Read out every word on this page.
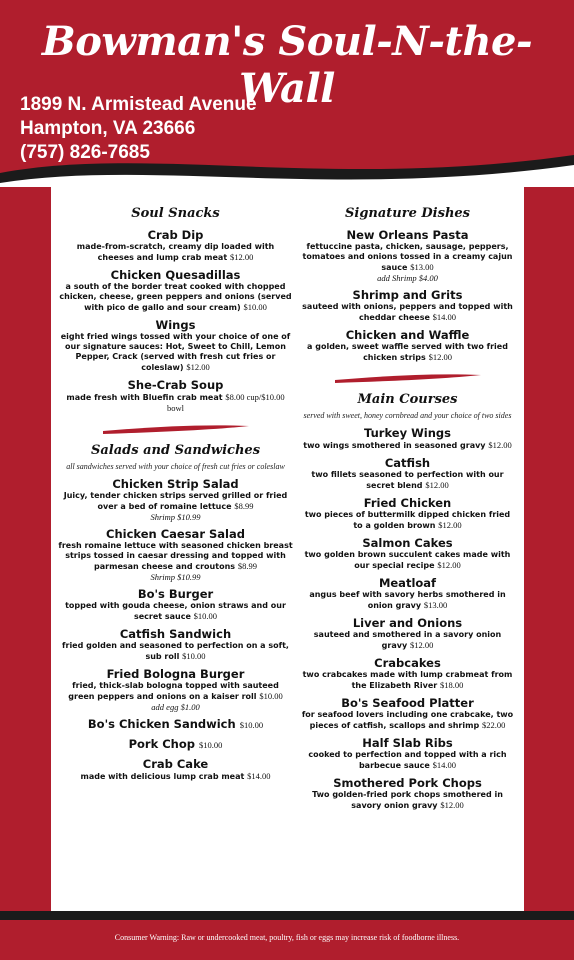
Bowman's Soul-N-the-Wall
1899 N. Armistead Avenue
Hampton, VA 23666
(757) 826-7685
Soul Snacks
Crab Dip
made-from-scratch, creamy dip loaded with cheeses and lump crab meat $12.00
Chicken Quesadillas
a south of the border treat cooked with chopped chicken, cheese, green peppers and onions (served with pico de gallo and sour cream) $10.00
Wings
eight fried wings tossed with your choice of one of our signature sauces: Hot, Sweet to Chill, Lemon Pepper, Crack (served with fresh cut fries or coleslaw) $12.00
She-Crab Soup
made fresh with Bluefin crab meat $8.00 cup/$10.00 bowl
Salads and Sandwiches
all sandwiches served with your choice of fresh cut fries or coleslaw
Chicken Strip Salad
Juicy, tender chicken strips served grilled or fried over a bed of romaine lettuce $8.99
Shrimp $10.99
Chicken Caesar Salad
fresh romaine lettuce with seasoned chicken breast strips tossed in caesar dressing and topped with parmesan cheese and croutons $8.99
Shrimp $10.99
Bo's Burger
topped with gouda cheese, onion straws and our secret sauce $10.00
Catfish Sandwich
fried golden and seasoned to perfection on a soft, sub roll $10.00
Fried Bologna Burger
fried, thick-slab bologna topped with sauteed green peppers and onions on a kaiser roll $10.00
add egg $1.00
Bo's Chicken Sandwich $10.00
Pork Chop $10.00
Crab Cake
made with delicious lump crab meat $14.00
Signature Dishes
New Orleans Pasta
fettuccine pasta, chicken, sausage, peppers, tomatoes and onions tossed in a creamy cajun sauce $13.00
add Shrimp $4.00
Shrimp and Grits
sauteed with onions, peppers and topped with cheddar cheese $14.00
Chicken and Waffle
a golden, sweet waffle served with two fried chicken strips $12.00
Main Courses
served with sweet, honey cornbread and your choice of two sides
Turkey Wings
two wings smothered in seasoned gravy $12.00
Catfish
two fillets seasoned to perfection with our secret blend $12.00
Fried Chicken
two pieces of buttermilk dipped chicken fried to a golden brown $12.00
Salmon Cakes
two golden brown succulent cakes made with our special recipe $12.00
Meatloaf
angus beef with savory herbs smothered in onion gravy $13.00
Liver and Onions
sauteed and smothered in a savory onion gravy $12.00
Crabcakes
two crabcakes made with lump crabmeat from the Elizabeth River $18.00
Bo's Seafood Platter
for seafood lovers including one crabcake, two pieces of catfish, scallops and shrimp $22.00
Half Slab Ribs
cooked to perfection and topped with a rich barbecue sauce $14.00
Smothered Pork Chops
Two golden-fried pork chops smothered in savory onion gravy $12.00
Consumer Warning: Raw or undercooked meat, poultry, fish or eggs may increase risk of foodborne illness.
